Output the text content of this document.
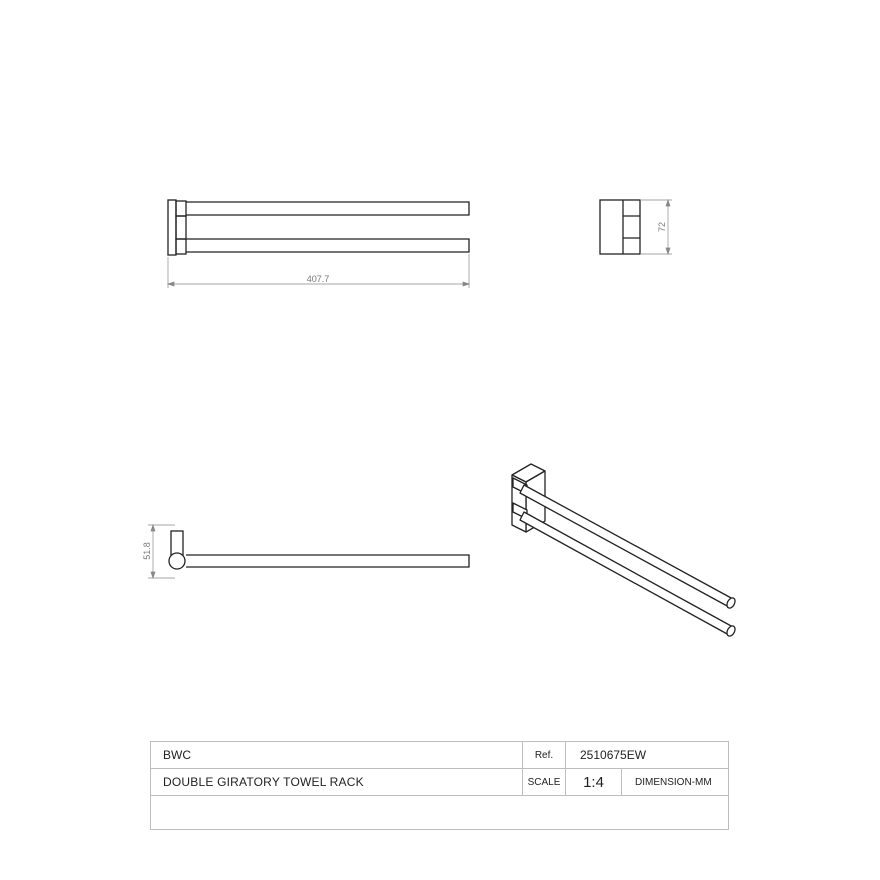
407.7
72
51.8
BWC	Ref.	2510675EW
DOUBLE GIRATORY TOWEL RACK	SCALE	1:4	DIMENSION-MM
